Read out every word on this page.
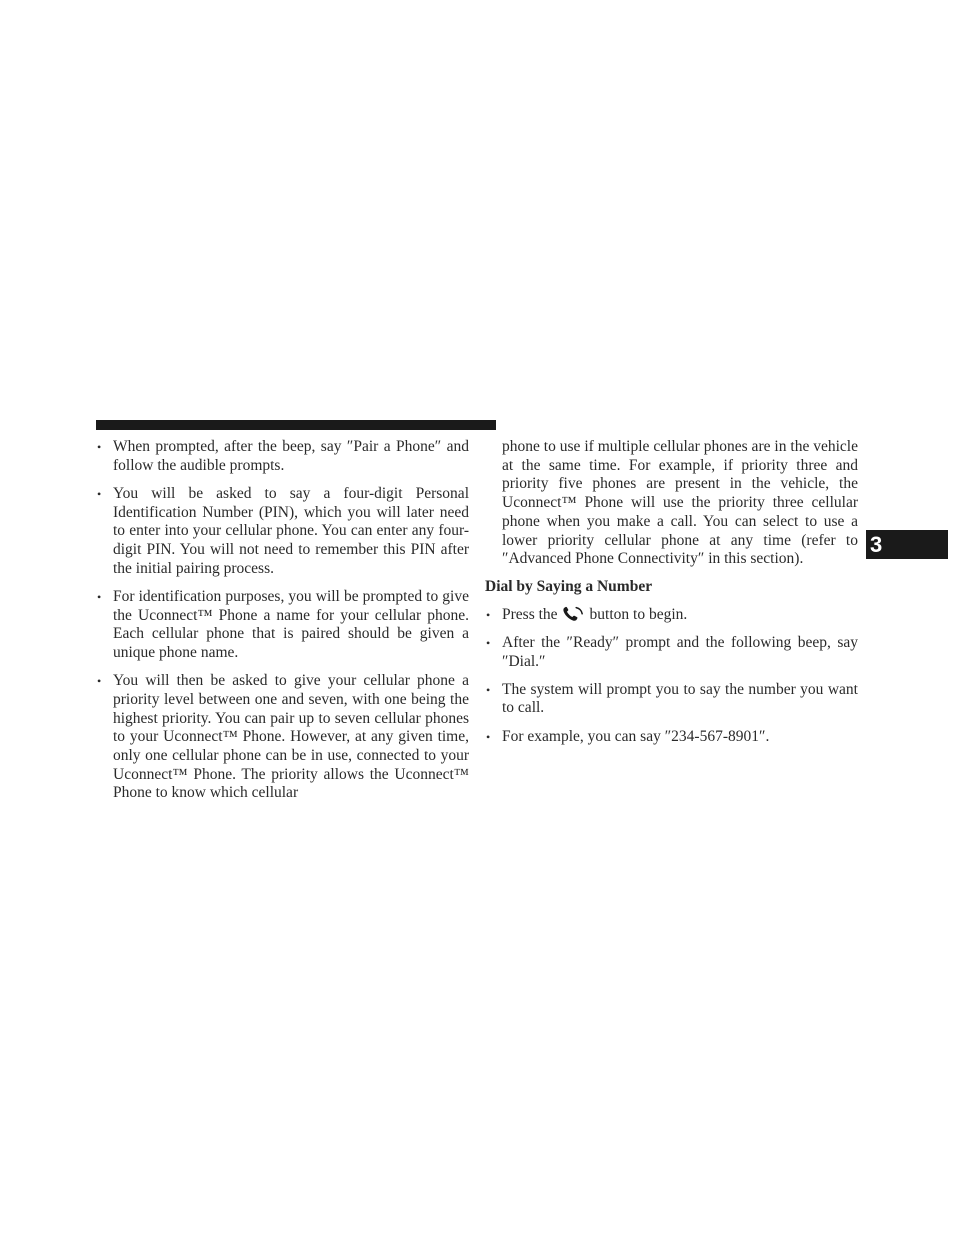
• When prompted, after the beep, say ″Pair a Phone″ and follow the audible prompts.
• You will be asked to say a four-digit Personal Identification Number (PIN), which you will later need to enter into your cellular phone. You can enter any four-digit PIN. You will not need to remember this PIN after the initial pairing process.
• For identification purposes, you will be prompted to give the Uconnect™ Phone a name for your cellular phone. Each cellular phone that is paired should be given a unique phone name.
• You will then be asked to give your cellular phone a priority level between one and seven, with one being the highest priority. You can pair up to seven cellular phones to your Uconnect™ Phone. However, at any given time, only one cellular phone can be in use, connected to your Uconnect™ Phone. The priority allows the Uconnect™ Phone to know which cellular

phone to use if multiple cellular phones are in the vehicle at the same time. For example, if priority three and priority five phones are present in the vehicle, the Uconnect™ Phone will use the priority three cellular phone when you make a call. You can select to use a lower priority cellular phone at any time (refer to ″Advanced Phone Connectivity″ in this section).

Dial by Saying a Number
• Press the button to begin.
• After the ″Ready″ prompt and the following beep, say ″Dial.″
• The system will prompt you to say the number you want to call.
• For example, you can say ″234-567-8901″.
3
